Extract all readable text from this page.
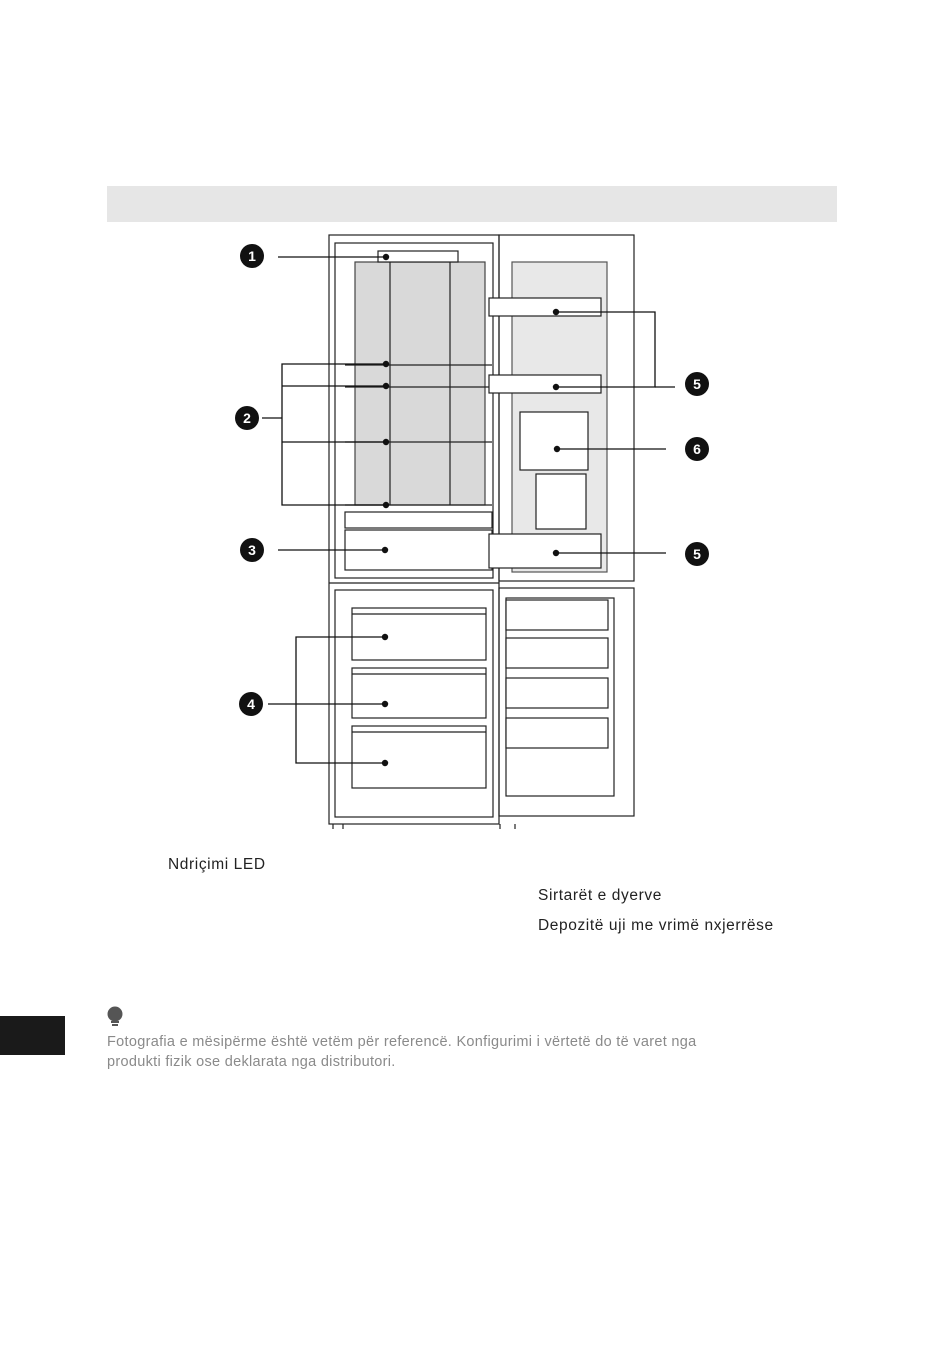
1
2
3
4
5
6
5
Ndriçimi LED
Sirtarët e dyerve
Depozitë uji me vrimë nxjerrëse
Fotografia e mësipërme është vetëm për referencë. Konfigurimi i vërtetë do të varet nga
produkti fizik ose deklarata nga distributori.
